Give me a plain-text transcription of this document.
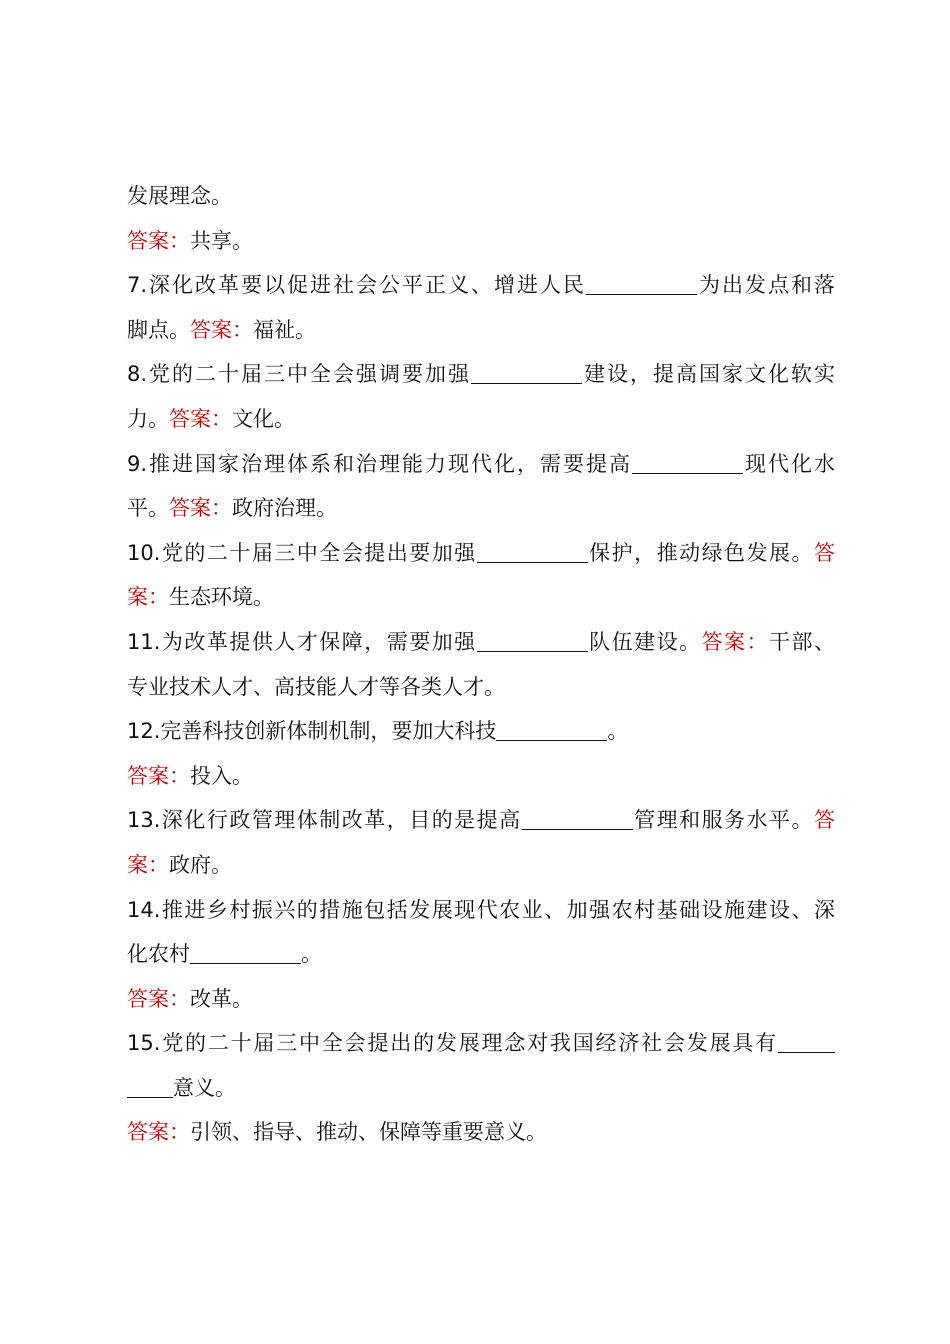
发展理念。
答案：共享。
7.深化改革要以促进社会公平正义、增进人民	为出发点和落
脚点。答案：福祉。
8.党的二十届三中全会强调要加强	建设，提高国家文化软实
力。答案：文化。
9.推进国家治理体系和治理能力现代化，需要提高	现代化水
平。答案：政府治理。
10.党的二十届三中全会提出要加强	保护，推动绿色发展。答
案：生态环境。
11.为改革提供人才保障，需要加强	队伍建设。答案：干部、
专业技术人才、高技能人才等各类人才。
12.完善科技创新体制机制，要加大科技	。
答案：投入。
13.深化行政管理体制改革，目的是提高	管理和服务水平。答
案：政府。
14.推进乡村振兴的措施包括发展现代农业、加强农村基础设施建设、深
化农村	。
答案：改革。
15.党的二十届三中全会提出的发展理念对我国经济社会发展具有
意义。
答案：引领、指导、推动、保障等重要意义。
